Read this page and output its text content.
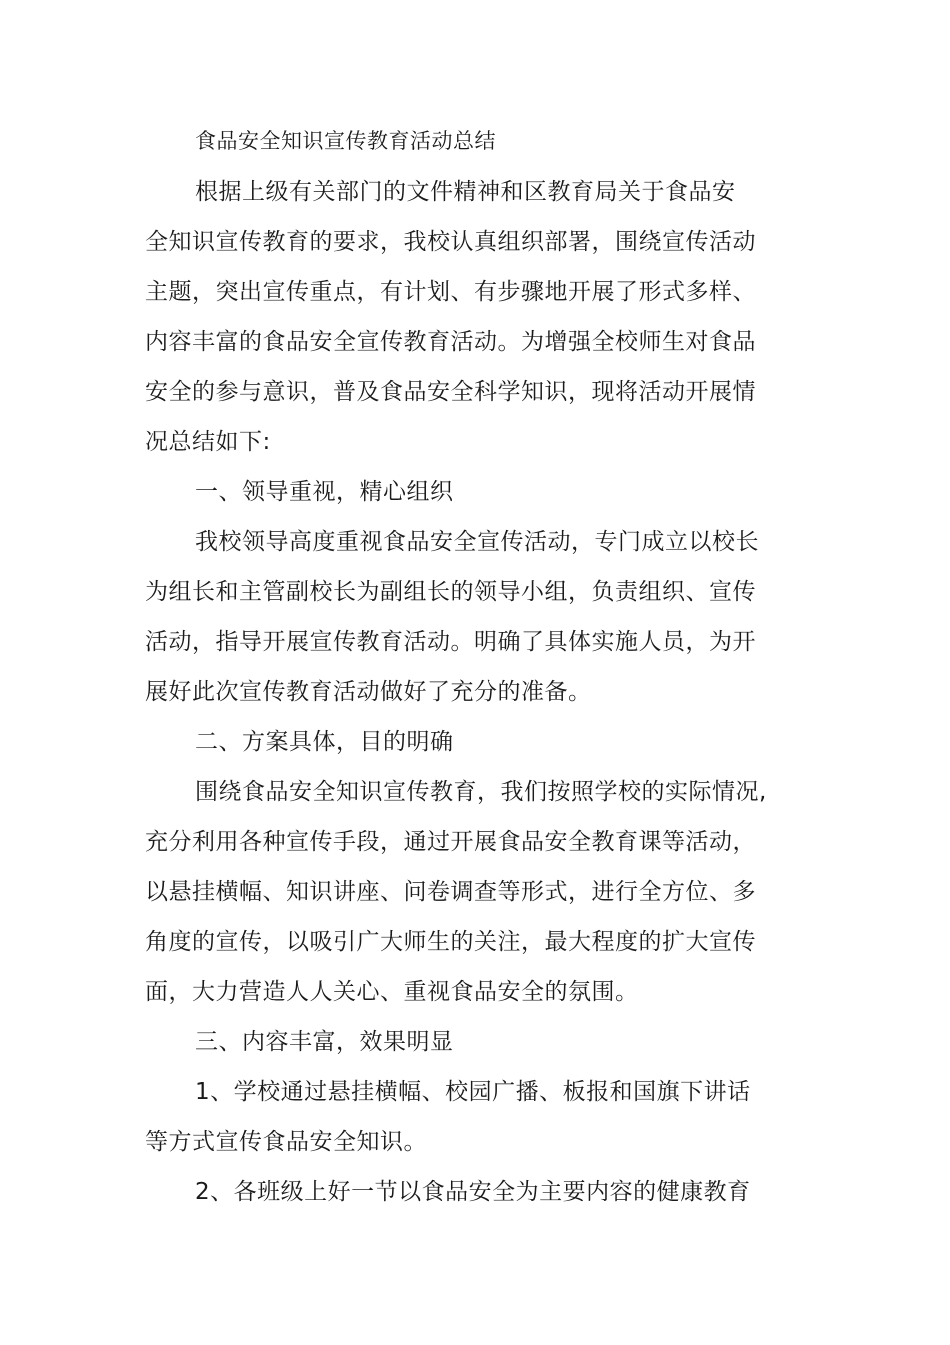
食品安全知识宣传教育活动总结
根据上级有关部门的文件精神和区教育局关于食品安
全知识宣传教育的要求，我校认真组织部署，围绕宣传活动
主题，突出宣传重点，有计划、有步骤地开展了形式多样、
内容丰富的食品安全宣传教育活动。为增强全校师生对食品
安全的参与意识，普及食品安全科学知识，现将活动开展情
况总结如下:
一、领导重视，精心组织
我校领导高度重视食品安全宣传活动，专门成立以校长
为组长和主管副校长为副组长的领导小组，负责组织、宣传
活动，指导开展宣传教育活动。明确了具体实施人员，为开
展好此次宣传教育活动做好了充分的准备。
二、方案具体，目的明确
围绕食品安全知识宣传教育，我们按照学校的实际情况,
充分利用各种宣传手段，通过开展食品安全教育课等活动，
以悬挂横幅、知识讲座、问卷调查等形式，进行全方位、多
角度的宣传，以吸引广大师生的关注，最大程度的扩大宣传
面，大力营造人人关心、重视食品安全的氛围。
三、内容丰富，效果明显
1、学校通过悬挂横幅、校园广播、板报和国旗下讲话
等方式宣传食品安全知识。
2、各班级上好一节以食品安全为主要内容的健康教育
